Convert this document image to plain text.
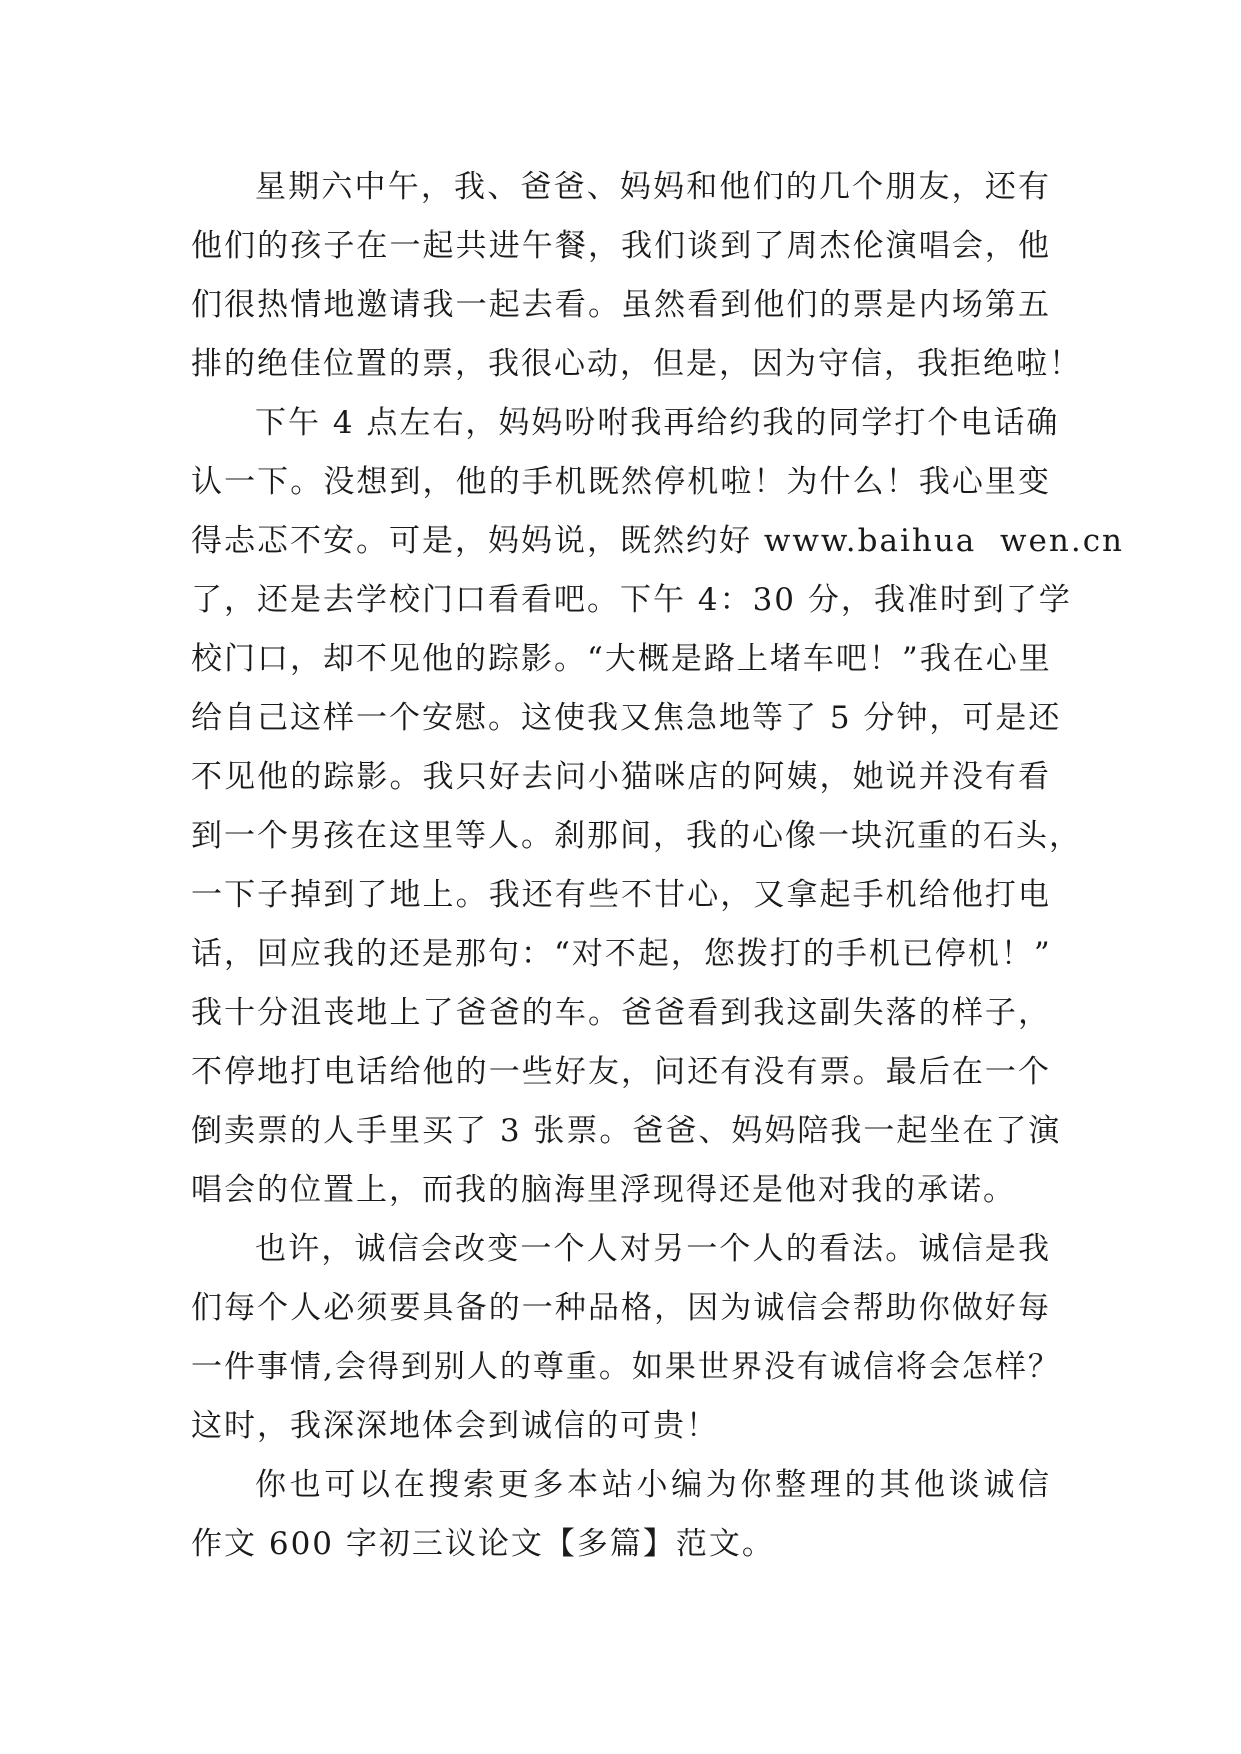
星期六中午，我、爸爸、妈妈和他们的几个朋友，还有
他们的孩子在一起共进午餐，我们谈到了周杰伦演唱会，他
们很热情地邀请我一起去看。虽然看到他们的票是内场第五
排的绝佳位置的票，我很心动，但是，因为守信，我拒绝啦！

下午 4 点左右，妈妈吩咐我再给约我的同学打个电话确
认一下。没想到，他的手机既然停机啦！为什么！我心里变
得忐忑不安。可是，妈妈说，既然约好 www.baihua  wen.cn
了，还是去学校门口看看吧。下午 4：30 分，我准时到了学
校门口，却不见他的踪影。“大概是路上堵车吧！”我在心里
给自己这样一个安慰。这使我又焦急地等了 5 分钟，可是还
不见他的踪影。我只好去问小猫咪店的阿姨，她说并没有看
到一个男孩在这里等人。刹那间，我的心像一块沉重的石头，
一下子掉到了地上。我还有些不甘心，又拿起手机给他打电
话，回应我的还是那句：“对不起，您拨打的手机已停机！”
我十分沮丧地上了爸爸的车。爸爸看到我这副失落的样子，
不停地打电话给他的一些好友，问还有没有票。最后在一个
倒卖票的人手里买了 3 张票。爸爸、妈妈陪我一起坐在了演
唱会的位置上，而我的脑海里浮现得还是他对我的承诺。

也许，诚信会改变一个人对另一个人的看法。诚信是我
们每个人必须要具备的一种品格，因为诚信会帮助你做好每
一件事情,会得到别人的尊重。如果世界没有诚信将会怎样？
这时，我深深地体会到诚信的可贵！

你也可以在搜索更多本站小编为你整理的其他谈诚信
作文 600 字初三议论文【多篇】范文。
